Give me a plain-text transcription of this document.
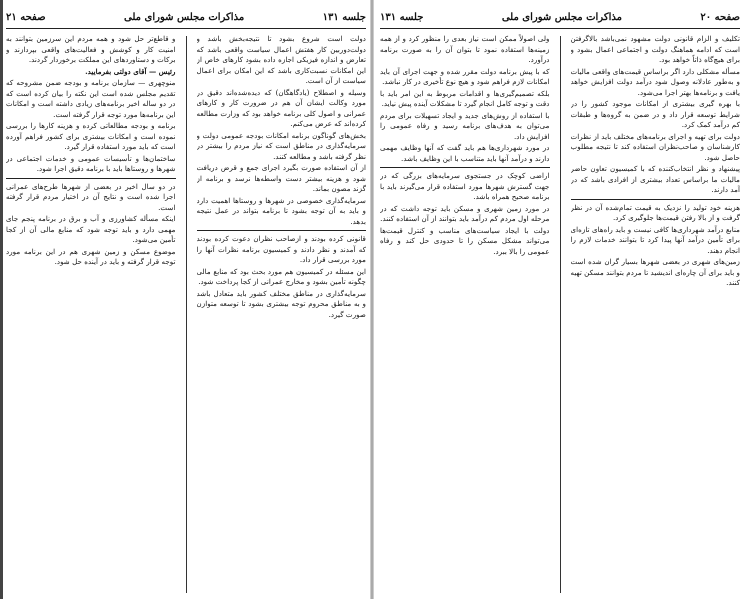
جلسه ۱۳۱
مذاکرات مجلس شورای ملی
صفحه ۲۱

دولت است شروع بشود تا نتیجه‌بخش باشد و دولت‌دوربین کار هفتش اعمال سیاست واقعی باشد که تعارض و اندازه فیزیکی اجازه داده بشود کارهای خاص از این امکانات نسبت‌کاری باشد که این امکان برای اعمال سیاست از آن است.

وسیله و اصطلاح (یادگاهگان) که دیده‌شده‌اند دقیق در مورد وکالت ایشان آن هم در ضرورت کار و کارهای عمرانی و اصول کلی برنامه خواهد بود که وزارت مطالعه کرده‌اند که عرض می‌کنم.

بخش‌های گوناگون برنامه امکانات بودجه عمومی دولت و سرمایه‌گذاری در مناطق است که نیاز مردم را بیشتر در نظر گرفته باشد و مطالعه کنند.

از آن استفاده صورت بگیرد اجرای جمع و قرض دریافت شود و هزینه بیشتر دست واسطه‌ها نرسد و برنامه از گزند مصون بماند.

سرمایه‌گذاری خصوصی در شهرها و روستاها اهمیت دارد و باید به آن توجه بشود تا برنامه بتواند در عمل نتیجه بدهد.

قانونی کرده بودند و ازصاحب نظران دعوت کرده بودند که آمدند و نظر دادند و کمیسیون برنامه نظرات آنها را مورد بررسی قرار داد.

این مسئله در کمیسیون هم مورد بحث بود که منابع مالی چگونه تأمین بشود و مخارج عمرانی از کجا پرداخت شود.

سرمایه‌گذاری در مناطق مختلف کشور باید متعادل باشد و به مناطق محروم توجه بیشتری بشود تا توسعه متوازن صورت گیرد.

و قاطع‌تر حل شود و همه مردم این سرزمین بتوانند به امنیت کار و کوشش و فعالیت‌های واقعی بپردازند و برکات و دستاوردهای این مملکت برخوردار گردند.

رئیس — آقای دولتی بفرمایید.

منوچهری — سازمان برنامه و بودجه ضمن مشروحه که تقدیم مجلس شده است این نکته را بیان کرده است که در دو ساله اخیر برنامه‌های زیادی داشته است و امکانات این برنامه‌ها مورد توجه قرار گرفته است.

برنامه و بودجه مطالعاتی کرده و هزینه کارها را بررسی نموده است و امکانات بیشتری برای کشور فراهم آورده است که باید مورد استفاده قرار گیرد.

ساختمان‌ها و تأسیسات عمومی و خدمات اجتماعی در شهرها و روستاها باید با برنامه دقیق اجرا شود.

در دو سال اخیر در بعضی از شهرها طرح‌های عمرانی اجرا شده است و نتایج آن در اختیار مردم قرار گرفته است.

اینکه مسأله کشاورزی و آب و برق در برنامه پنجم جای مهمی دارد و باید توجه شود که منابع مالی آن از کجا تأمین می‌شود.

موضوع مسکن و زمین شهری هم در این برنامه مورد توجه قرار گرفته و باید در آینده حل شود.

صفحه ۲۰
مذاکرات مجلس شورای ملی
جلسه ۱۳۱

تکلیف و الزام قانونی دولت مشهود نمی‌باشد بالاگرفتن است که ادامه هماهنگ دولت و اجتماعی اعمال بشود و برای هیچ‌گاه ذاتاً خواهد بود.

مسأله مشکلی دارد اگر براساس قیمت‌های واقعی مالیات و به‌طور عادلانه وصول شود درآمد دولت افزایش خواهد یافت و برنامه‌ها بهتر اجرا می‌شود.

با بهره گیری بیشتری از امکانات موجود کشور را در شرایط توسعه قرار داد و در ضمن به گروه‌ها و طبقات کم درآمد کمک کرد.

دولت برای تهیه و اجرای برنامه‌های مختلف باید از نظرات کارشناسان و صاحب‌نظران استفاده کند تا نتیجه مطلوب حاصل شود.

پیشنهاد و نظر انتخاب‌کننده که با کمیسیون تعاون حاضر مالیات ما براساس تعداد بیشتری از افرادی باشد که در آمد دارند.

هزینه خود تولید را نزدیک به قیمت تمام‌شده آن در نظر گرفت و از بالا رفتن قیمت‌ها جلوگیری کرد.

منابع درآمد شهرداری‌ها کافی نیست و باید راه‌های تازه‌ای برای تأمین درآمد آنها پیدا کرد تا بتوانند خدمات لازم را انجام دهند.

زمین‌های شهری در بعضی شهرها بسیار گران شده است و باید برای آن چاره‌ای اندیشید تا مردم بتوانند مسکن تهیه کنند.

ولی اصولاً ممکن است نیاز بعدی را منظور کرد و از همه زمینه‌ها استفاده نمود تا بتوان آن را به صورت برنامه درآورد.

که با پیش برنامه دولت مقرر شده و جهت اجرای آن باید امکانات لازم فراهم شود و هیچ نوع تأخیری در کار نباشد.

بلکه تصمیم‌گیری‌ها و اقدامات مربوط به این امر باید با دقت و توجه کامل انجام گیرد تا مشکلات آینده پیش نیاید.

با استفاده از روش‌های جدید و ایجاد تسهیلات برای مردم می‌توان به هدف‌های برنامه رسید و رفاه عمومی را افزایش داد.

در مورد شهرداری‌ها هم باید گفت که آنها وظایف مهمی دارند و درآمد آنها باید متناسب با این وظایف باشد.

اراضی کوچک در جستجوی سرمایه‌های بزرگی که در جهت گسترش شهرها مورد استفاده قرار می‌گیرند باید با برنامه صحیح همراه باشد.

در مورد زمین شهری و مسکن باید توجه داشت که در مرحله اول مردم کم درآمد باید بتوانند از آن استفاده کنند.

دولت با ایجاد سیاست‌های مناسب و کنترل قیمت‌ها می‌تواند مشکل مسکن را تا حدودی حل کند و رفاه عمومی را بالا ببرد.
